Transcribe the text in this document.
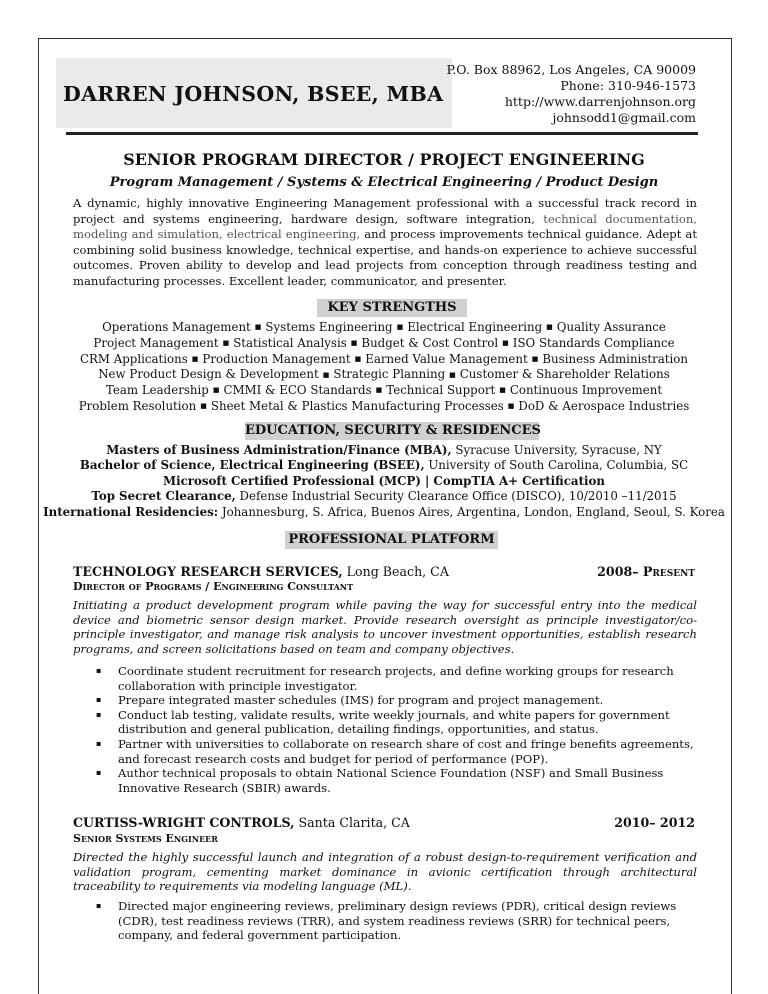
DARREN JOHNSON, BSEE, MBA
P.O. Box 88962, Los Angeles, CA 90009
Phone: 310-946-1573
http://www.darrenjohnson.org
johnsodd1@gmail.com
SENIOR PROGRAM DIRECTOR / PROJECT ENGINEERING
Program Management / Systems & Electrical Engineering / Product Design
A dynamic, highly innovative Engineering Management professional with a successful track record in project and systems engineering, hardware design, software integration, technical documentation, modeling and simulation, electrical engineering, and process improvements technical guidance. Adept at combining solid business knowledge, technical expertise, and hands-on experience to achieve successful outcomes. Proven ability to develop and lead projects from conception through readiness testing and manufacturing processes. Excellent leader, communicator, and presenter.
KEY STRENGTHS
Operations Management ■ Systems Engineering ■ Electrical Engineering ■ Quality Assurance
Project Management ■ Statistical Analysis ■ Budget & Cost Control ■ ISO Standards Compliance
CRM Applications ■ Production Management ■ Earned Value Management ■ Business Administration
New Product Design & Development ■ Strategic Planning ■ Customer & Shareholder Relations
Team Leadership ■ CMMI & ECO Standards ■ Technical Support ■ Continuous Improvement
Problem Resolution ■ Sheet Metal & Plastics Manufacturing Processes ■ DoD & Aerospace Industries
EDUCATION, SECURITY & RESIDENCES
Masters of Business Administration/Finance (MBA), Syracuse University, Syracuse, NY
Bachelor of Science, Electrical Engineering (BSEE), University of South Carolina, Columbia, SC
Microsoft Certified Professional (MCP) | CompTIA A+ Certification
Top Secret Clearance, Defense Industrial Security Clearance Office (DISCO), 10/2010 –11/2015
International Residencies: Johannesburg, S. Africa, Buenos Aires, Argentina, London, England, Seoul, S. Korea
PROFESSIONAL PLATFORM
TECHNOLOGY RESEARCH SERVICES, Long Beach, CA	2008– Present
Director of Programs / Engineering Consultant
Initiating a product development program while paving the way for successful entry into the medical device and biometric sensor design market. Provide research oversight as principle investigator/co-principle investigator, and manage risk analysis to uncover investment opportunities, establish research programs, and screen solicitations based on team and company objectives.
▪ Coordinate student recruitment for research projects, and define working groups for research collaboration with principle investigator.
▪ Prepare integrated master schedules (IMS) for program and project management.
▪ Conduct lab testing, validate results, write weekly journals, and white papers for government distribution and general publication, detailing findings, opportunities, and status.
▪ Partner with universities to collaborate on research share of cost and fringe benefits agreements, and forecast research costs and budget for period of performance (POP).
▪ Author technical proposals to obtain National Science Foundation (NSF) and Small Business Innovative Research (SBIR) awards.
CURTISS-WRIGHT CONTROLS, Santa Clarita, CA	2010– 2012
Senior Systems Engineer
Directed the highly successful launch and integration of a robust design-to-requirement verification and validation program, cementing market dominance in avionic certification through architectural traceability to requirements via modeling language (ML).
▪ Directed major engineering reviews, preliminary design reviews (PDR), critical design reviews (CDR), test readiness reviews (TRR), and system readiness reviews (SRR) for technical peers, company, and federal government participation.
